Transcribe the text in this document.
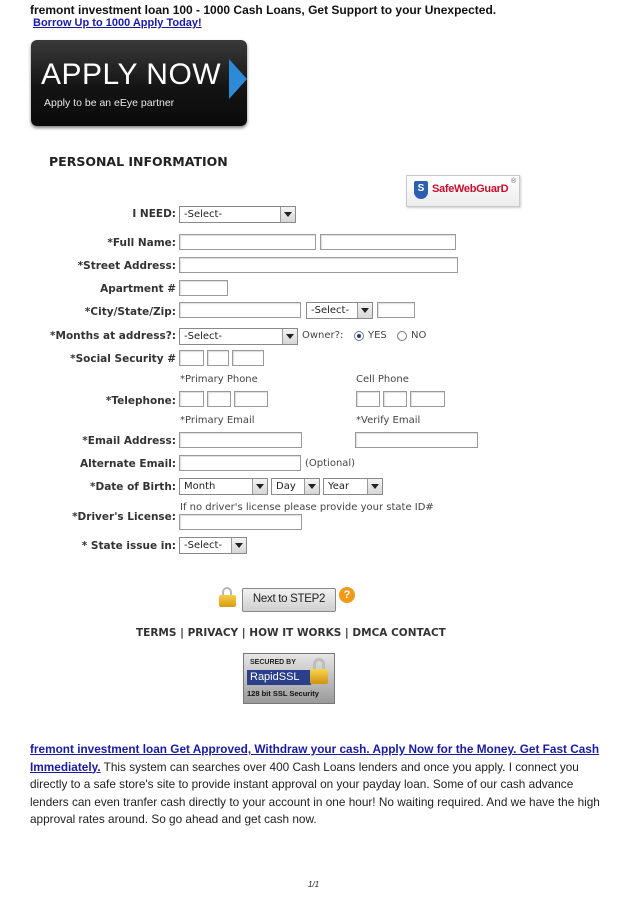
fremont investment loan 100 - 1000 Cash Loans, Get Support to your Unexpected.
Borrow Up to 1000 Apply Today!
APPLY NOW
Apply to be an eEye partner
PERSONAL INFORMATION
S SafeWebGuarD
®
I NEED: -Select-
*Full Name:
*Street Address:
Apartment #
*City/State/Zip:	-Select-
*Months at address?: -Select-	Owner?: YES NO
*Social Security #
*Primary Phone	Cell Phone
*Telephone:
*Primary Email	*Verify Email
*Email Address:
Alternate Email:	(Optional)
*Date of Birth: Month	Day	Year
If no driver's license please provide your state ID#
*Driver's License:
* State issue in: -Select-
Next to STEP2	?
TERMS | PRIVACY | HOW IT WORKS | DMCA CONTACT
SECURED BY
RapidSSL
128 bit SSL Security
fremont investment loan Get Approved, Withdraw your cash. Apply Now for the Money. Get Fast Cash Immediately. This system can searches over 400 Cash Loans lenders and once you apply. I connect you directly to a safe store's site to provide instant approval on your payday loan. Some of our cash advance lenders can even tranfer cash directly to your account in one hour! No waiting required. And we have the high approval rates around. So go ahead and get cash now.
1/1
